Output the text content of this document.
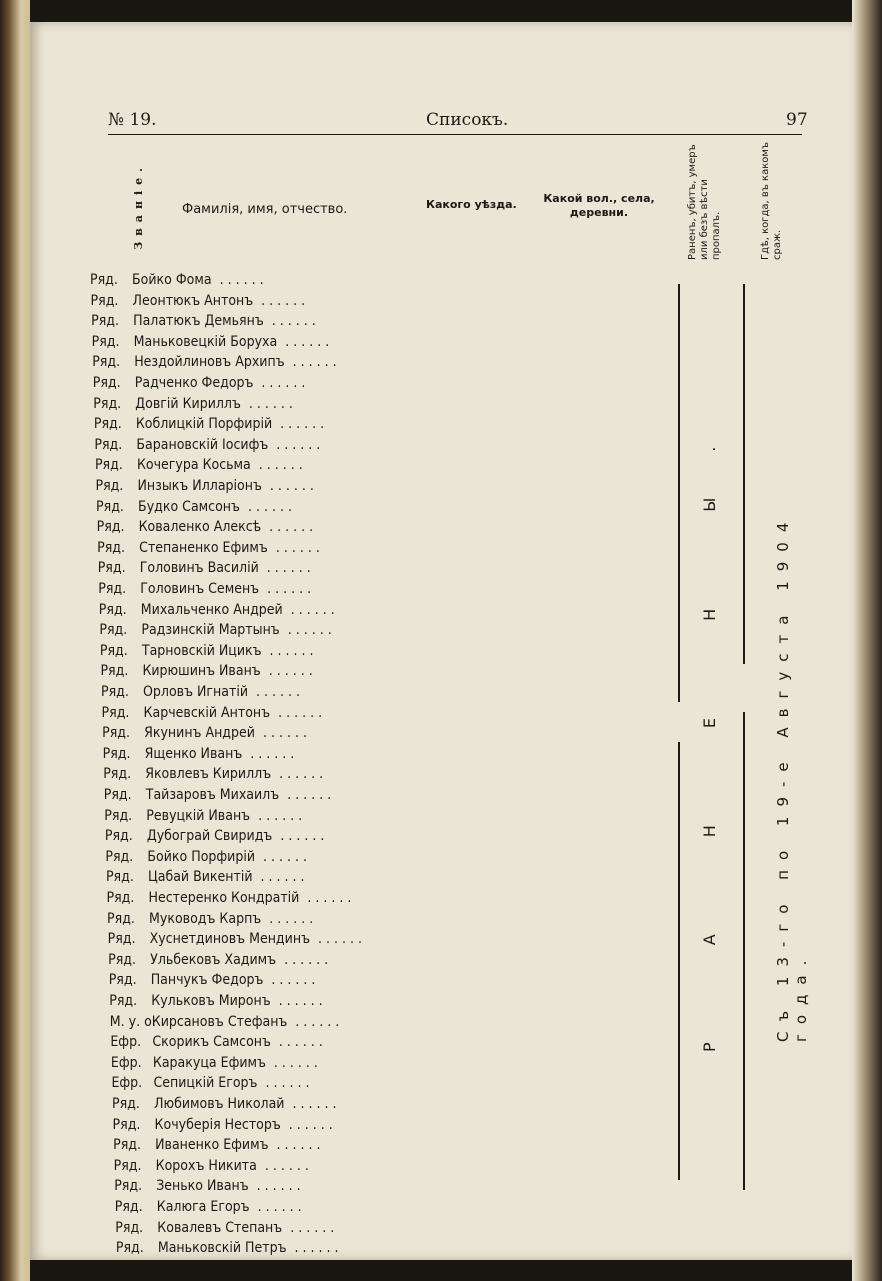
№ 19.	Списокъ.	97
Званіе.	Фамилія, имя, отчество.	Какого уѣзда.	Какой вол., села, деревни.	Раненъ, убитъ, умеръ или безъ вѣсти пропалъ.	Гдѣ, когда, въ какомъ сраж.
Ряд. Бойко Фома ......
Ряд. Леонтюкъ Антонъ ......
Ряд. Палатюкъ Демьянъ ......
Ряд. Маньковецкій Боруха ......
Ряд. Нездойлиновъ Архипъ ......
Ряд. Радченко Федоръ ......
Ряд. Довгій Кириллъ ......
Ряд. Коблицкій Порфирій ......
Ряд. Барановскій Іосифъ ......
Ряд. Кочегура Косьма ......
Ряд. Инзыкъ Илларіонъ ......
Ряд. Будко Самсонъ ......
Ряд. Коваленко Алексѣ ......
Ряд. Степаненко Ефимъ ......
Ряд. Головинъ Василій ......
Ряд. Головинъ Семенъ ......
Ряд. Михальченко Андрей ......
Ряд. Радзинскій Мартынъ ......
Ряд. Тарновскій Ицикъ ......
Ряд. Кирюшинъ Иванъ ......
Ряд. Орловъ Игнатій ......
Ряд. Карчевскій Антонъ ......
Ряд. Якунинъ Андрей ......
Ряд. Ященко Иванъ ......
Ряд. Яковлевъ Кириллъ ......
Ряд. Тайзаровъ Михаилъ ......
Ряд. Ревуцкій Иванъ ......
Ряд. Дубограй Свиридъ ......
Ряд. Бойко Порфирій ......
Ряд. Цабай Викентій ......
Ряд. Нестеренко Кондратій ......
Ряд. Муководъ Карпъ ......
Ряд. Хуснетдиновъ Мендинъ ......
Ряд. Ульбековъ Хадимъ ......
Ряд. Панчукъ Федоръ ......
Ряд. Кульковъ Миронъ ......
М. у. о.Кирсановъ Стефанъ ......
Ефр. Скорикъ Самсонъ ......
Ефр. Каракуца Ефимъ ......
Ефр. Сепицкій Егоръ ......
Ряд. Любимовъ Николай ......
Ряд. Кочуберія Несторъ ......
Ряд. Иваненко Ефимъ ......
Ряд. Корохъ Никита ......
Ряд. Зенько Иванъ ......
Ряд. Калюга Егоръ ......
Ряд. Ковалевъ Степанъ ......
Ряд. Маньковскій Петръ ......
Р А Н Е Н Ы.	Съ 13-го по 19-е Августа 1904 года.
